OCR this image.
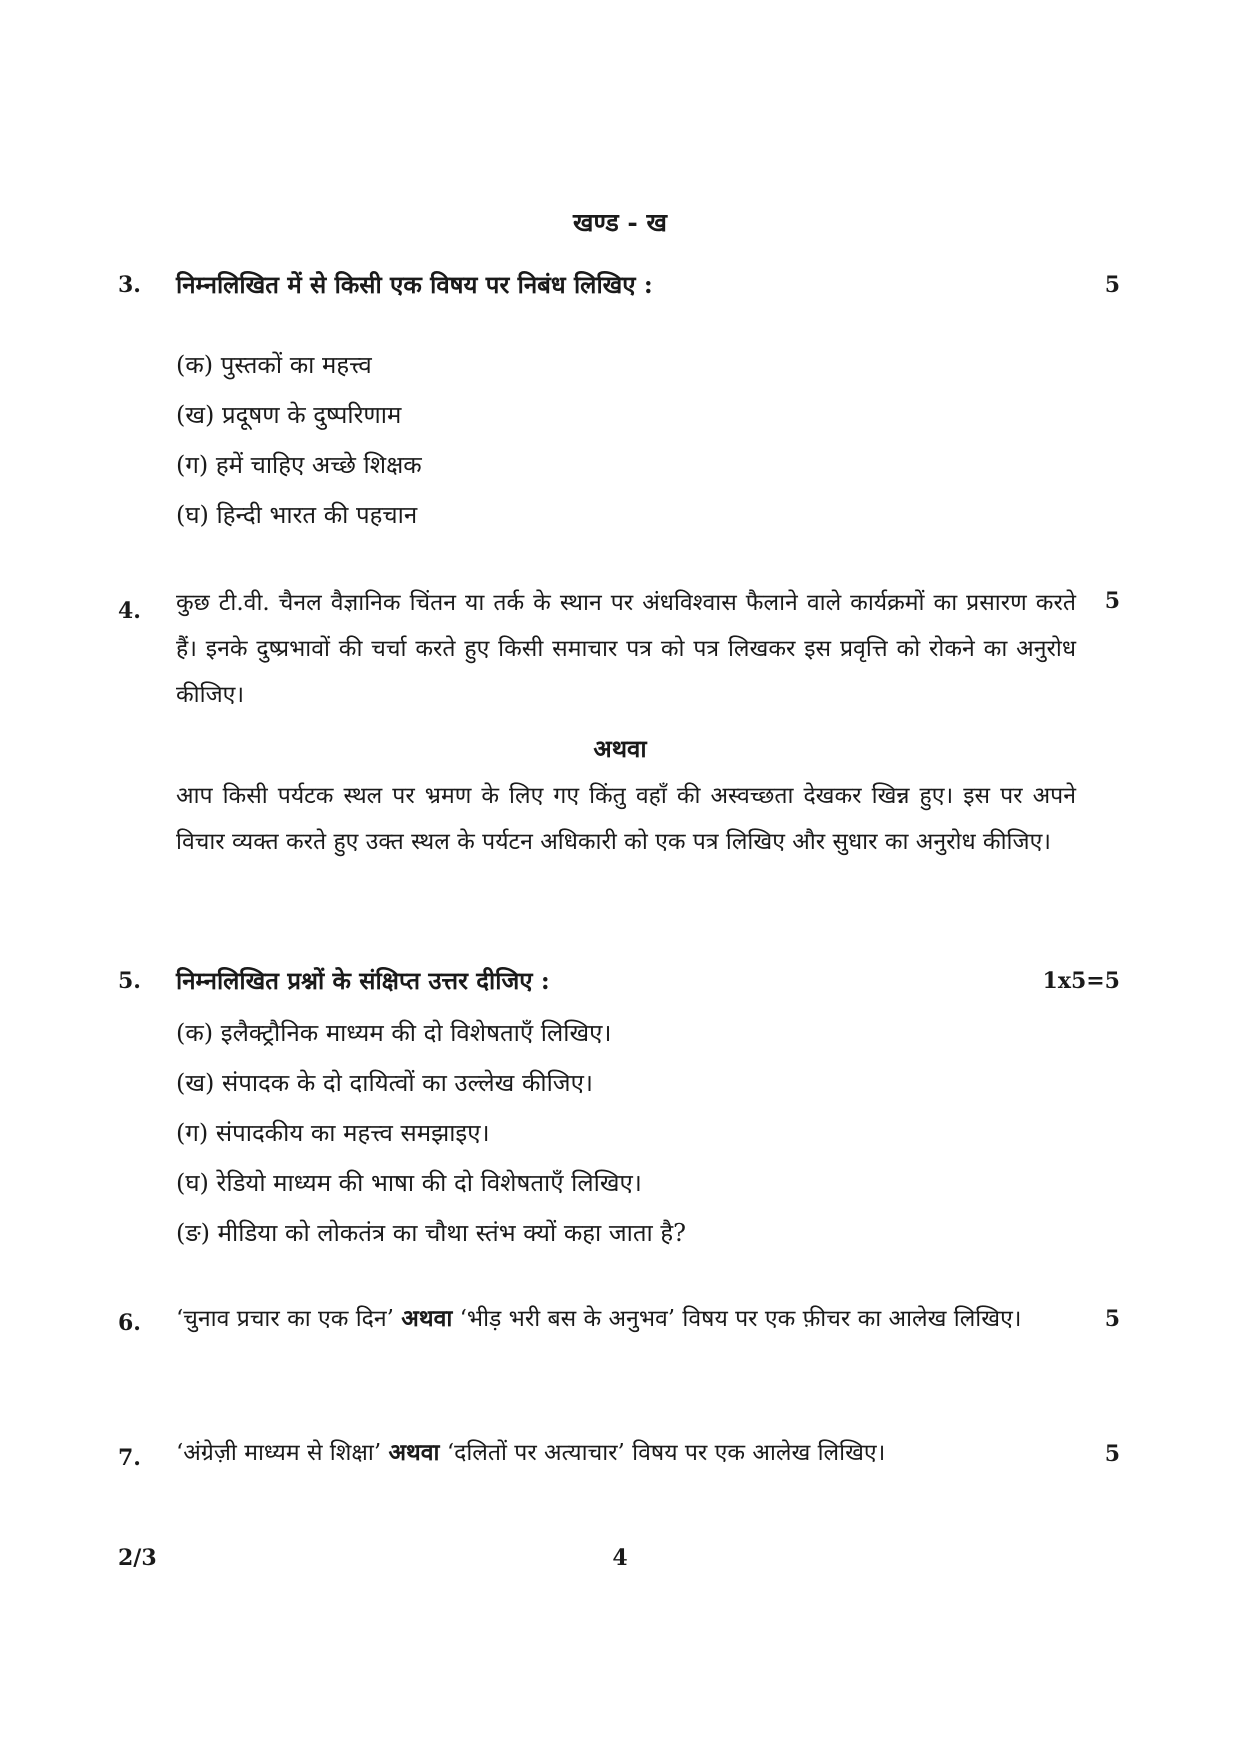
खण्ड - ख
3. निम्नलिखित में से किसी एक विषय पर निबंध लिखिए :	5
(क) पुस्तकों का महत्त्व
(ख) प्रदूषण के दुष्परिणाम
(ग) हमें चाहिए अच्छे शिक्षक
(घ) हिन्दी भारत की पहचान
4.	5
कुछ टी.वी. चैनल वैज्ञानिक चिंतन या तर्क के स्थान पर अंधविश्वास फैलाने वाले कार्यक्रमों का प्रसारण करते हैं। इनके दुष्प्रभावों की चर्चा करते हुए किसी समाचार पत्र को पत्र लिखकर इस प्रवृत्ति को रोकने का अनुरोध कीजिए।
अथवा
आप किसी पर्यटक स्थल पर भ्रमण के लिए गए किंतु वहाँ की अस्वच्छता देखकर खिन्न हुए। इस पर अपने विचार व्यक्त करते हुए उक्त स्थल के पर्यटन अधिकारी को एक पत्र लिखिए और सुधार का अनुरोध कीजिए।
5. निम्नलिखित प्रश्नों के संक्षिप्त उत्तर दीजिए :	1x5=5
(क) इलैक्ट्रौनिक माध्यम की दो विशेषताएँ लिखिए।
(ख) संपादक के दो दायित्वों का उल्लेख कीजिए।
(ग) संपादकीय का महत्त्व समझाइए।
(घ) रेडियो माध्यम की भाषा की दो विशेषताएँ लिखिए।
(ङ) मीडिया को लोकतंत्र का चौथा स्तंभ क्यों कहा जाता है?
6.	5
‘चुनाव प्रचार का एक दिन’ अथवा ‘भीड़ भरी बस के अनुभव’ विषय पर एक फ़ीचर का आलेख लिखिए।
7.	5
‘अंग्रेज़ी माध्यम से शिक्षा’ अथवा ‘दलितों पर अत्याचार’ विषय पर एक आलेख लिखिए।
2/3	4
